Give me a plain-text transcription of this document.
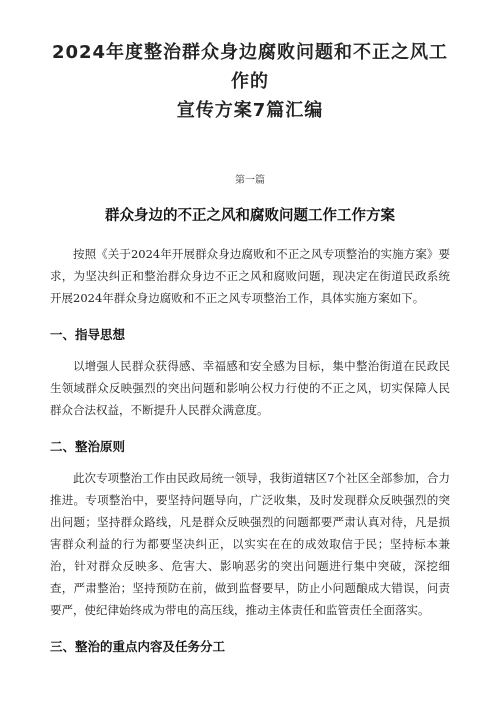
2024年度整治群众身边腐败问题和不正之风工作的
宣传方案7篇汇编
第一篇
群众身边的不正之风和腐败问题工作工作方案

按照《关于2024年开展群众身边腐败和不正之风专项整治的实施方案》要求，为坚决纠正和整治群众身边不正之风和腐败问题，现决定在街道民政系统开展2024年群众身边腐败和不正之风专项整治工作，具体实施方案如下。

一、指导思想

以增强人民群众获得感、幸福感和安全感为目标，集中整治街道在民政民生领域群众反映强烈的突出问题和影响公权力行使的不正之风，切实保障人民群众合法权益，不断提升人民群众满意度。

二、整治原则

此次专项整治工作由民政局统一领导，我街道辖区7个社区全部参加，合力推进。专项整治中，要坚持问题导向，广泛收集，及时发现群众反映强烈的突出问题；坚持群众路线，凡是群众反映强烈的问题都要严肃认真对待，凡是损害群众利益的行为都要坚决纠正，以实实在在的成效取信于民；坚持标本兼治，针对群众反映多、危害大、影响恶劣的突出问题进行集中突破，深挖细查，严肃整治；坚持预防在前，做到监督要早，防止小问题酿成大错误，问责要严，使纪律始终成为带电的高压线，推动主体责任和监管责任全面落实。

三、整治的重点内容及任务分工
